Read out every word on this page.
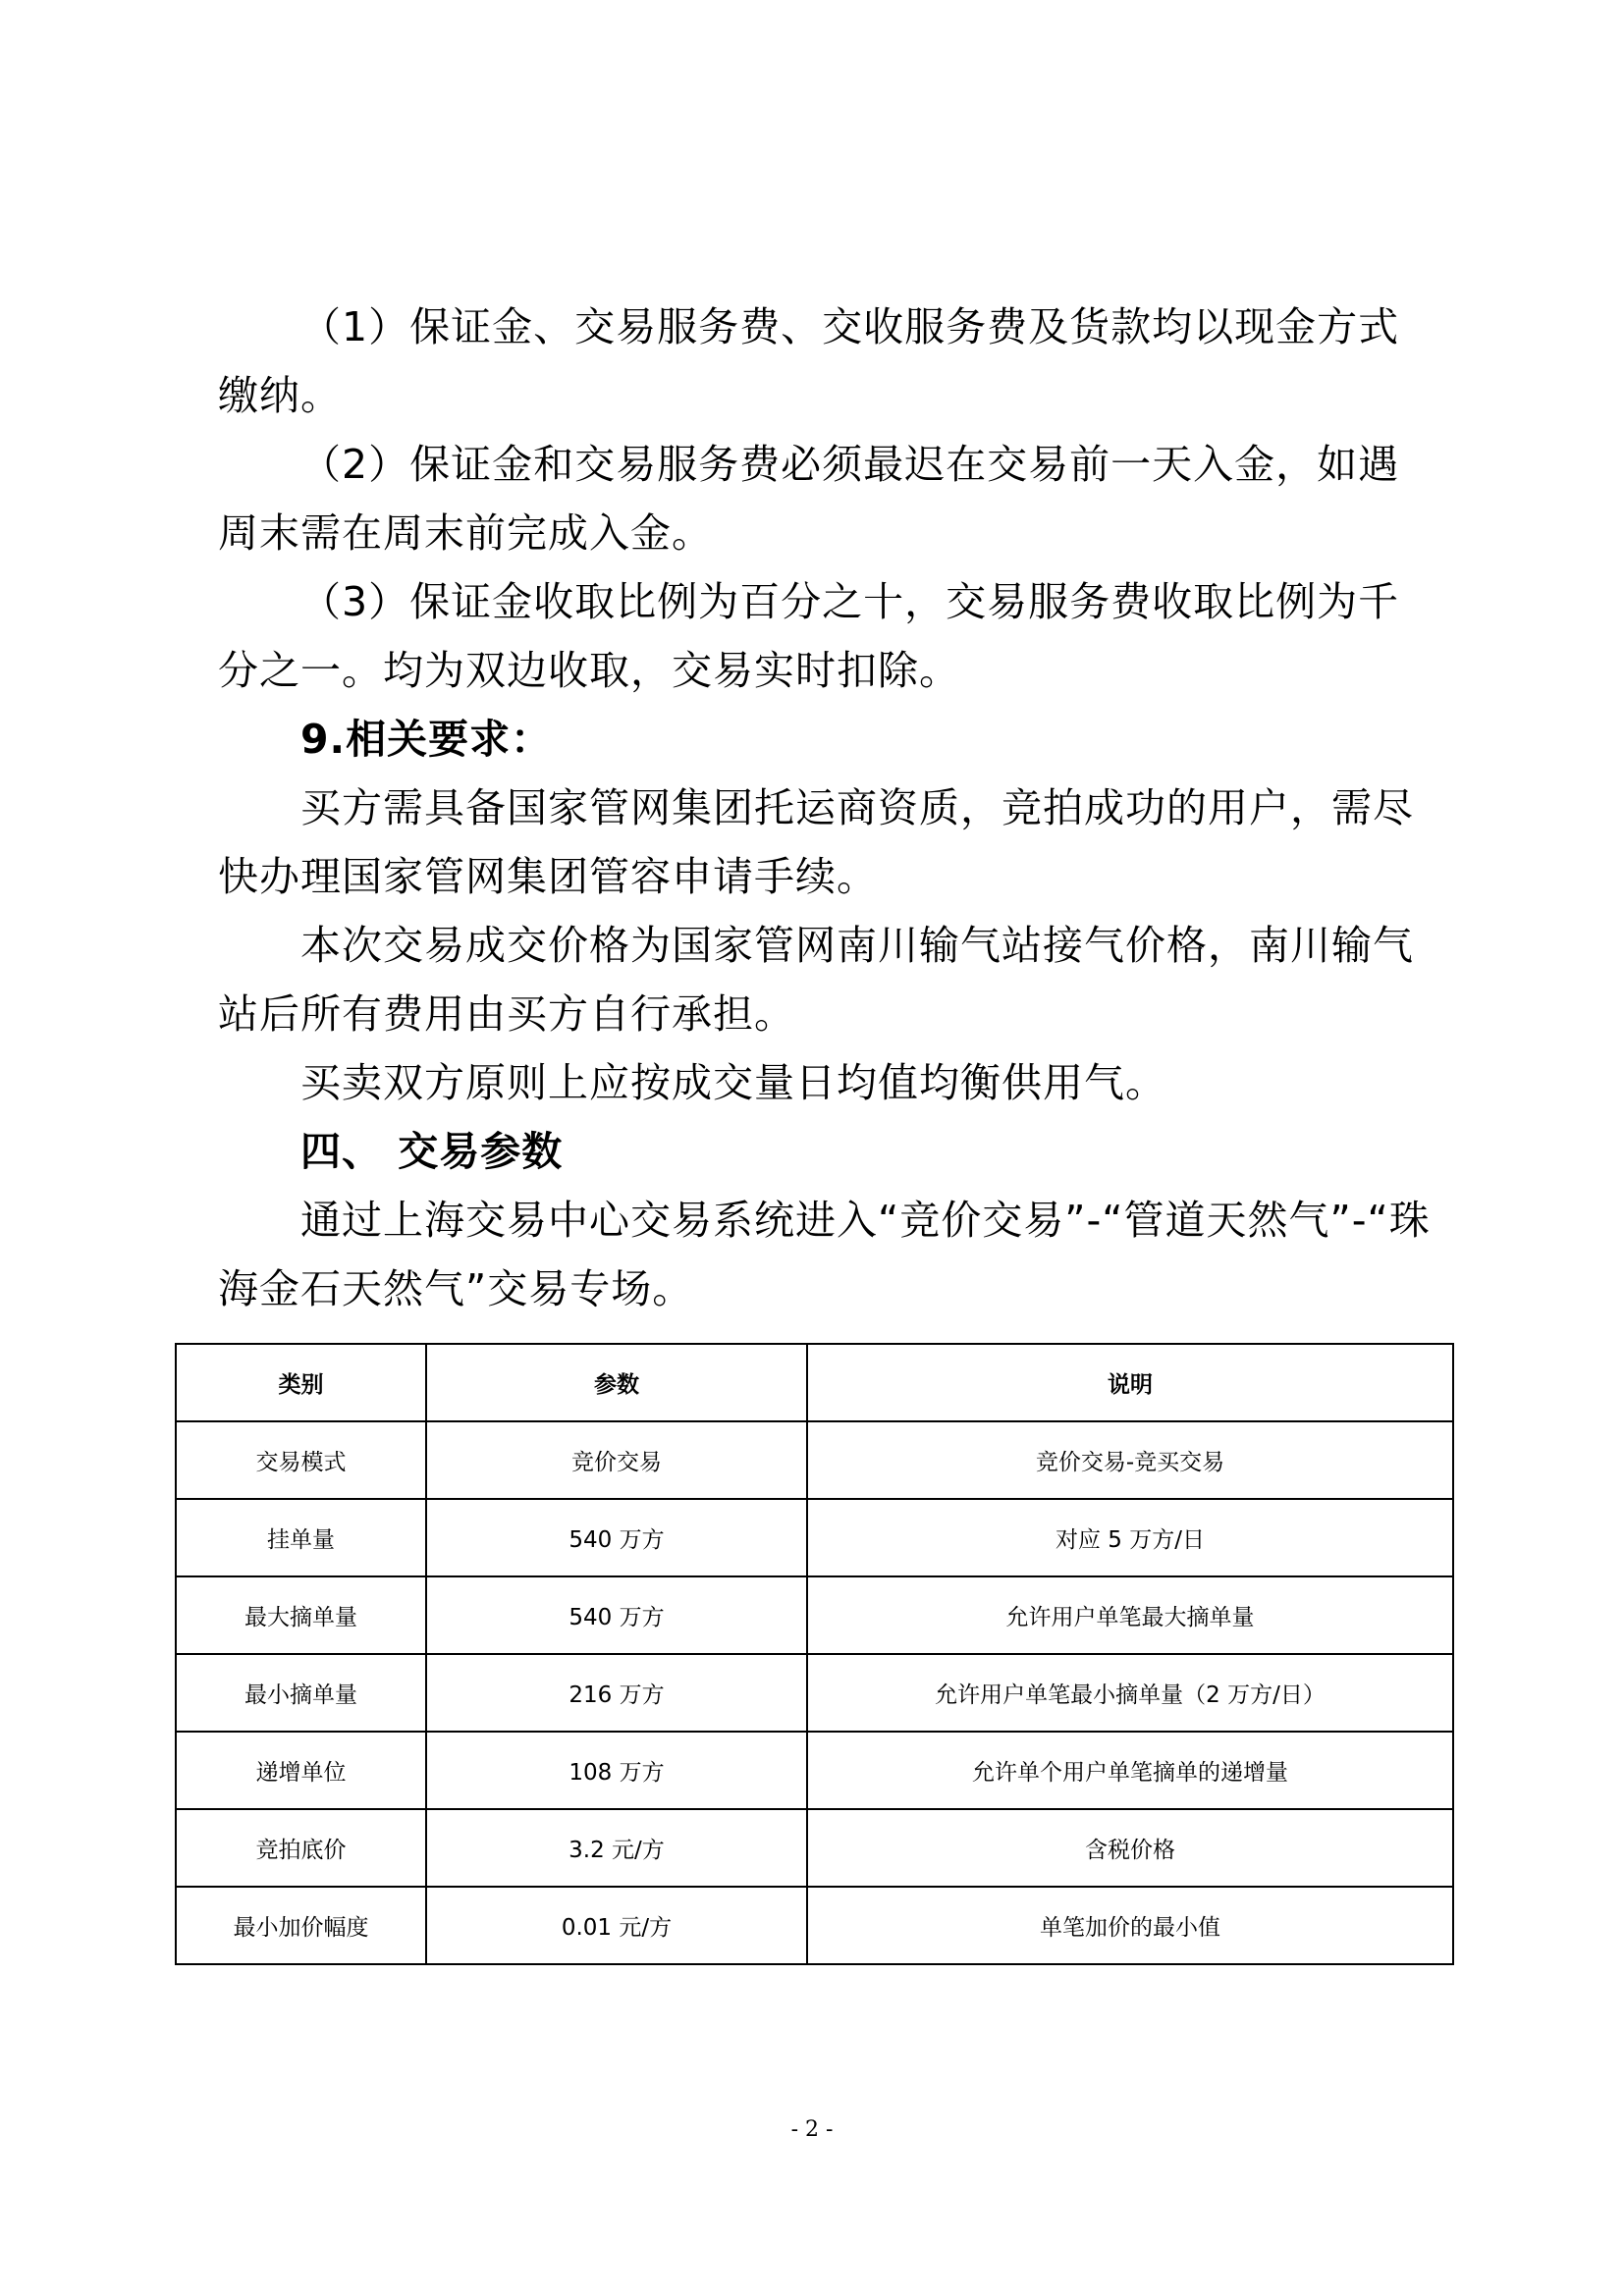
（1）保证金、交易服务费、交收服务费及货款均以现金方式缴纳。

（2）保证金和交易服务费必须最迟在交易前一天入金，如遇周末需在周末前完成入金。

（3）保证金收取比例为百分之十，交易服务费收取比例为千分之一。均为双边收取，交易实时扣除。

9.相关要求：

买方需具备国家管网集团托运商资质，竞拍成功的用户，需尽快办理国家管网集团管容申请手续。

本次交易成交价格为国家管网南川输气站接气价格，南川输气站后所有费用由买方自行承担。

买卖双方原则上应按成交量日均值均衡供用气。

四、 交易参数

通过上海交易中心交易系统进入“竞价交易”-“管道天然气”-“珠海金石天然气”交易专场。

类别	参数	说明
交易模式	竞价交易	竞价交易-竞买交易
挂单量	540 万方	对应 5 万方/日
最大摘单量	540 万方	允许用户单笔最大摘单量
最小摘单量	216 万方	允许用户单笔最小摘单量（2 万方/日）
递增单位	108 万方	允许单个用户单笔摘单的递增量
竞拍底价	3.2 元/方	含税价格
最小加价幅度	0.01 元/方	单笔加价的最小值
- 2 -
